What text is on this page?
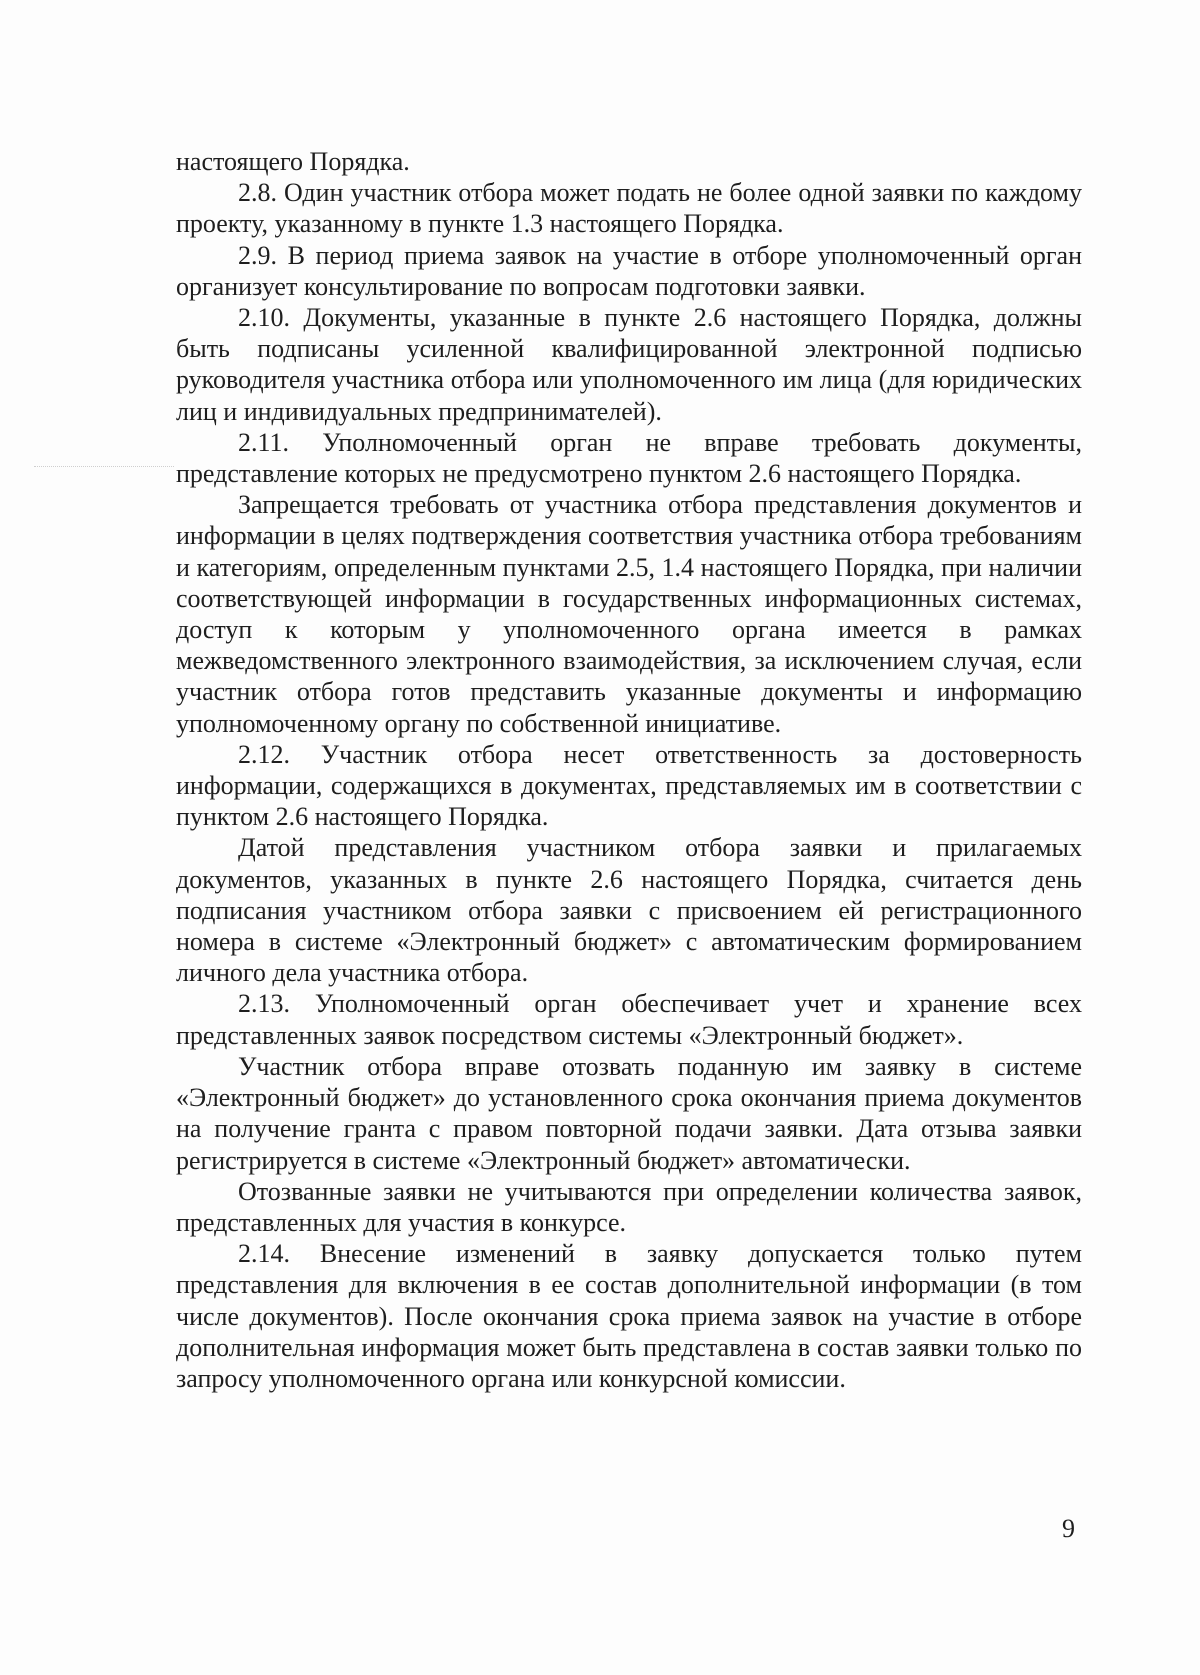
настоящего Порядка.

2.8. Один участник отбора может подать не более одной заявки по каждому проекту, указанному в пункте 1.3 настоящего Порядка.

2.9. В период приема заявок на участие в отборе уполномоченный орган организует консультирование по вопросам подготовки заявки.

2.10. Документы, указанные в пункте 2.6 настоящего Порядка, должны быть подписаны усиленной квалифицированной электронной подписью руководителя участника отбора или уполномоченного им лица (для юридических лиц и индивидуальных предпринимателей).

2.11. Уполномоченный орган не вправе требовать документы, представление которых не предусмотрено пунктом 2.6 настоящего Порядка.

Запрещается требовать от участника отбора представления документов и информации в целях подтверждения соответствия участника отбора требованиям и категориям, определенным пунктами 2.5, 1.4 настоящего Порядка, при наличии соответствующей информации в государственных информационных системах, доступ к которым у уполномоченного органа имеется в рамках межведомственного электронного взаимодействия, за исключением случая, если участник отбора готов представить указанные документы и информацию уполномоченному органу по собственной инициативе.

2.12. Участник отбора несет ответственность за достоверность информации, содержащихся в документах, представляемых им в соответствии с пунктом 2.6 настоящего Порядка.

Датой представления участником отбора заявки и прилагаемых документов, указанных в пункте 2.6 настоящего Порядка, считается день подписания участником отбора заявки с присвоением ей регистрационного номера в системе «Электронный бюджет» с автоматическим формированием личного дела участника отбора.

2.13. Уполномоченный орган обеспечивает учет и хранение всех представленных заявок посредством системы «Электронный бюджет».

Участник отбора вправе отозвать поданную им заявку в системе «Электронный бюджет» до установленного срока окончания приема документов на получение гранта с правом повторной подачи заявки. Дата отзыва заявки регистрируется в системе «Электронный бюджет» автоматически.

Отозванные заявки не учитываются при определении количества заявок, представленных для участия в конкурсе.

2.14. Внесение изменений в заявку допускается только путем представления для включения в ее состав дополнительной информации (в том числе документов). После окончания срока приема заявок на участие в отборе дополнительная информация может быть представлена в состав заявки только по запросу уполномоченного органа или конкурсной комиссии.

9
